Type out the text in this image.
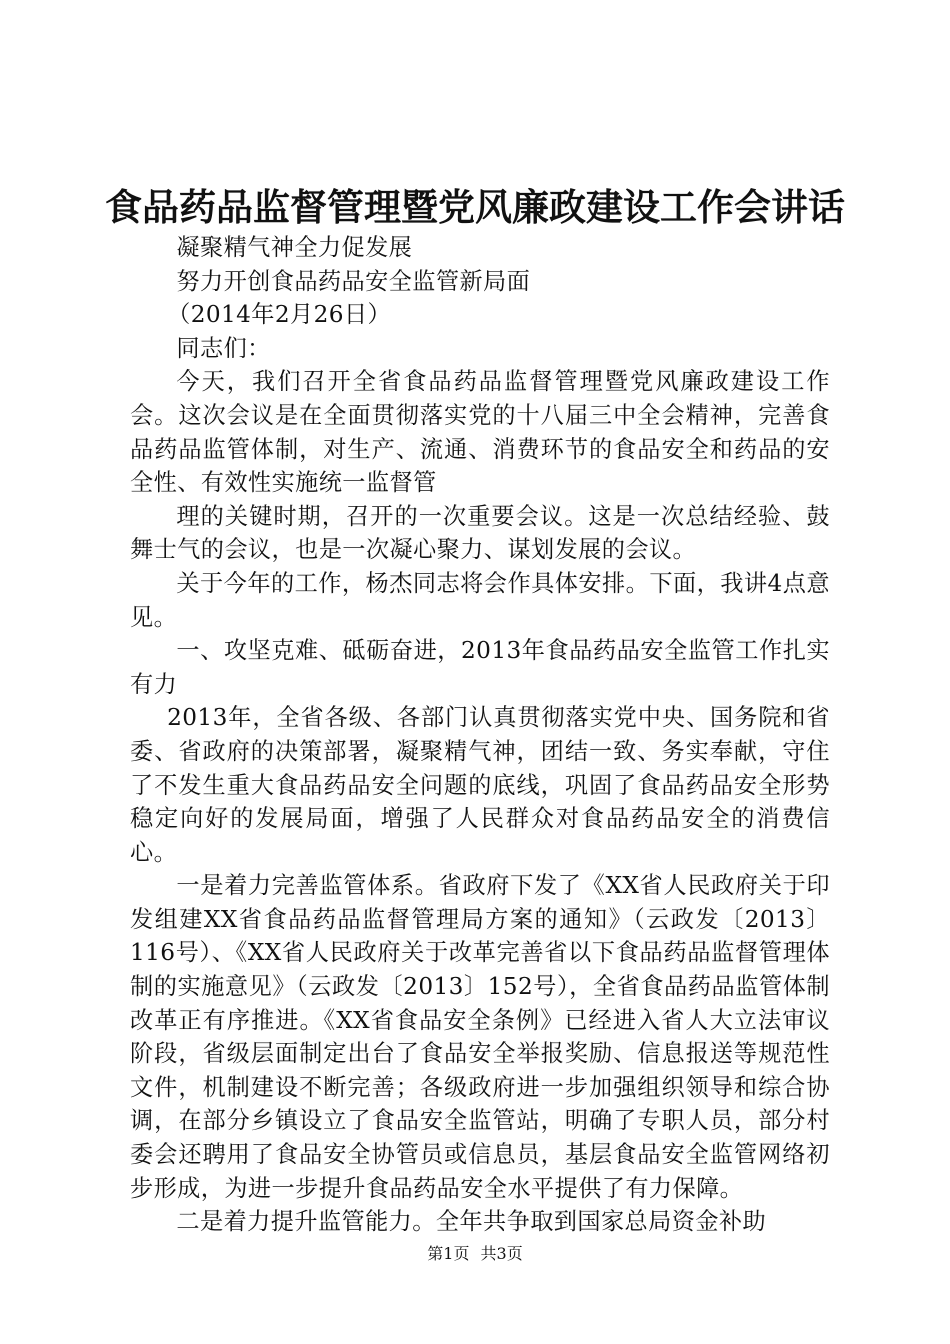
食品药品监督管理暨党风廉政建设工作会讲话

凝聚精气神全力促发展

努力开创食品药品安全监管新局面

（2014年2月26日）

同志们：

今天，我们召开全省食品药品监督管理暨党风廉政建设工作会。这次会议是在全面贯彻落实党的十八届三中全会精神，完善食品药品监管体制，对生产、流通、消费环节的食品安全和药品的安全性、有效性实施统一监督管

理的关键时期，召开的一次重要会议。这是一次总结经验、鼓舞士气的会议，也是一次凝心聚力、谋划发展的会议。

关于今年的工作，杨杰同志将会作具体安排。下面，我讲4点意见。

一、攻坚克难、砥砺奋进，2013年食品药品安全监管工作扎实有力

2013年，全省各级、各部门认真贯彻落实党中央、国务院和省委、省政府的决策部署，凝聚精气神，团结一致、务实奉献，守住了不发生重大食品药品安全问题的底线，巩固了食品药品安全形势稳定向好的发展局面，增强了人民群众对食品药品安全的消费信心。

一是着力完善监管体系。省政府下发了《XX省人民政府关于印发组建XX省食品药品监督管理局方案的通知》（云政发〔2013〕116号）、《XX省人民政府关于改革完善省以下食品药品监督管理体制的实施意见》（云政发〔2013〕152号），全省食品药品监管体制改革正有序推进。《XX省食品安全条例》已经进入省人大立法审议阶段，省级层面制定出台了食品安全举报奖励、信息报送等规范性文件，机制建设不断完善；各级政府进一步加强组织领导和综合协调，在部分乡镇设立了食品安全监管站，明确了专职人员，部分村委会还聘用了食品安全协管员或信息员，基层食品安全监管网络初步形成，为进一步提升食品药品安全水平提供了有力保障。

二是着力提升监管能力。全年共争取到国家总局资金补助

第1页 共3页
